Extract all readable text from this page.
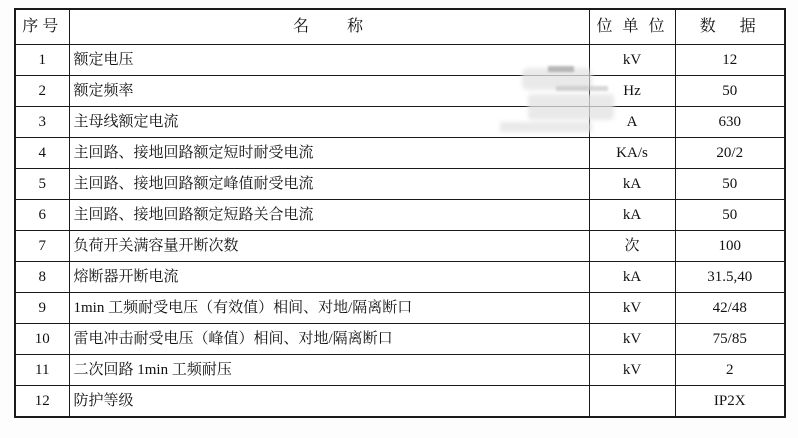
序号	名　　称	位 单 位	数　据
1	额定电压	kV	12
2	额定频率	Hz	50
3	主母线额定电流	A	630
4	主回路、接地回路额定短时耐受电流	KA/s	20/2
5	主回路、接地回路额定峰值耐受电流	kA	50
6	主回路、接地回路额定短路关合电流	kA	50
7	负荷开关满容量开断次数	次	100
8	熔断器开断电流	kA	31.5,40
9	1min 工频耐受电压（有效值）相间、对地/隔离断口	kV	42/48
10	雷电冲击耐受电压（峰值）相间、对地/隔离断口	kV	75/85
11	二次回路 1min 工频耐压	kV	2
12	防护等级		IP2X
